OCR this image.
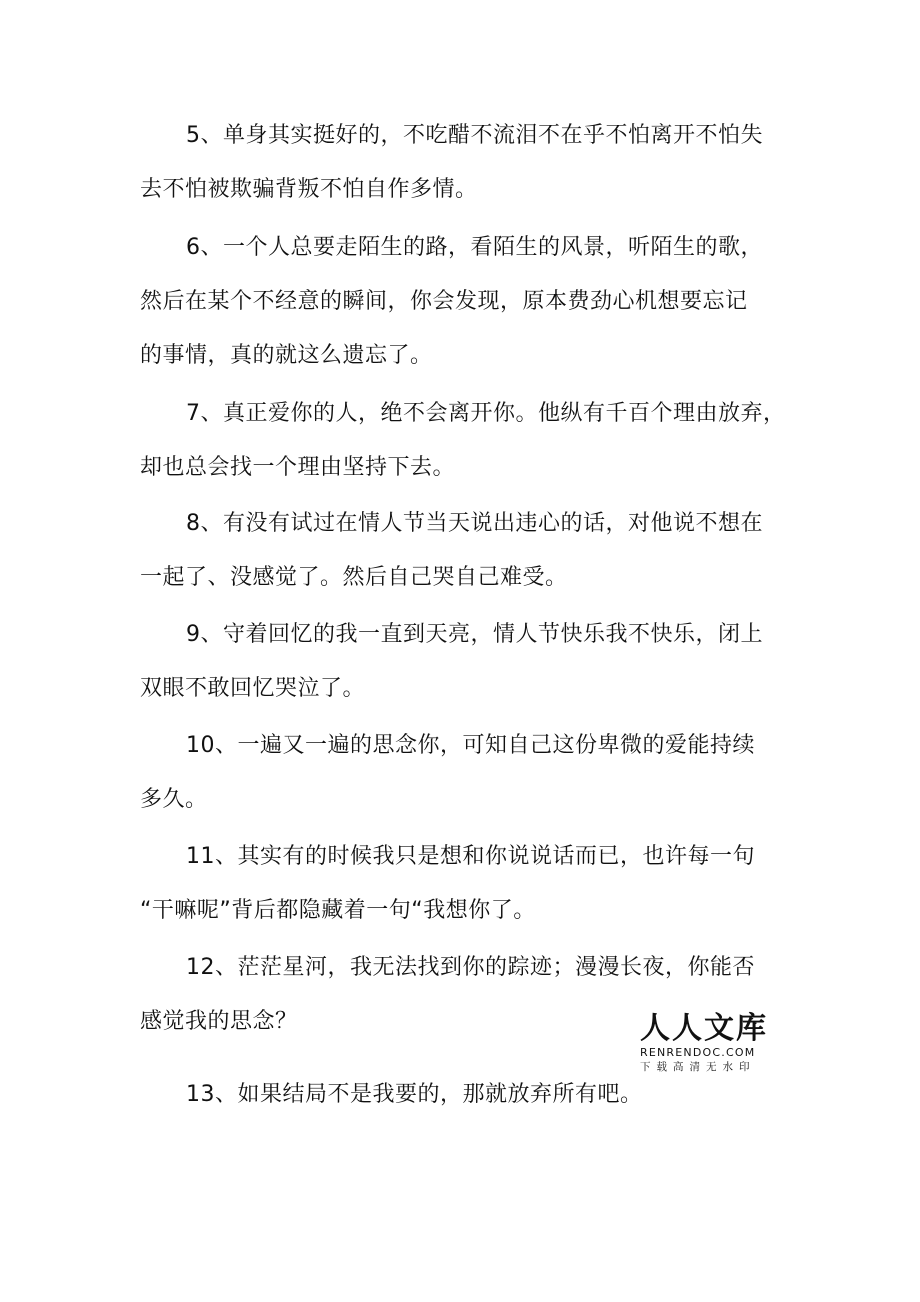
5、单身其实挺好的，不吃醋不流泪不在乎不怕离开不怕失
去不怕被欺骗背叛不怕自作多情。
6、一个人总要走陌生的路，看陌生的风景，听陌生的歌，
然后在某个不经意的瞬间，你会发现，原本费劲心机想要忘记
的事情，真的就这么遗忘了。
7、真正爱你的人，绝不会离开你。他纵有千百个理由放弃，
却也总会找一个理由坚持下去。
8、有没有试过在情人节当天说出违心的话，对他说不想在
一起了、没感觉了。然后自己哭自己难受。
9、守着回忆的我一直到天亮，情人节快乐我不快乐，闭上
双眼不敢回忆哭泣了。
10、一遍又一遍的思念你，可知自己这份卑微的爱能持续
多久。
11、其实有的时候我只是想和你说说话而已，也许每一句
“干嘛呢”背后都隐藏着一句“我想你了。
12、茫茫星河，我无法找到你的踪迹；漫漫长夜，你能否
感觉我的思念？
13、如果结局不是我要的，那就放弃所有吧。
人人文库
RENRENDOC.COM
下载高清无水印
